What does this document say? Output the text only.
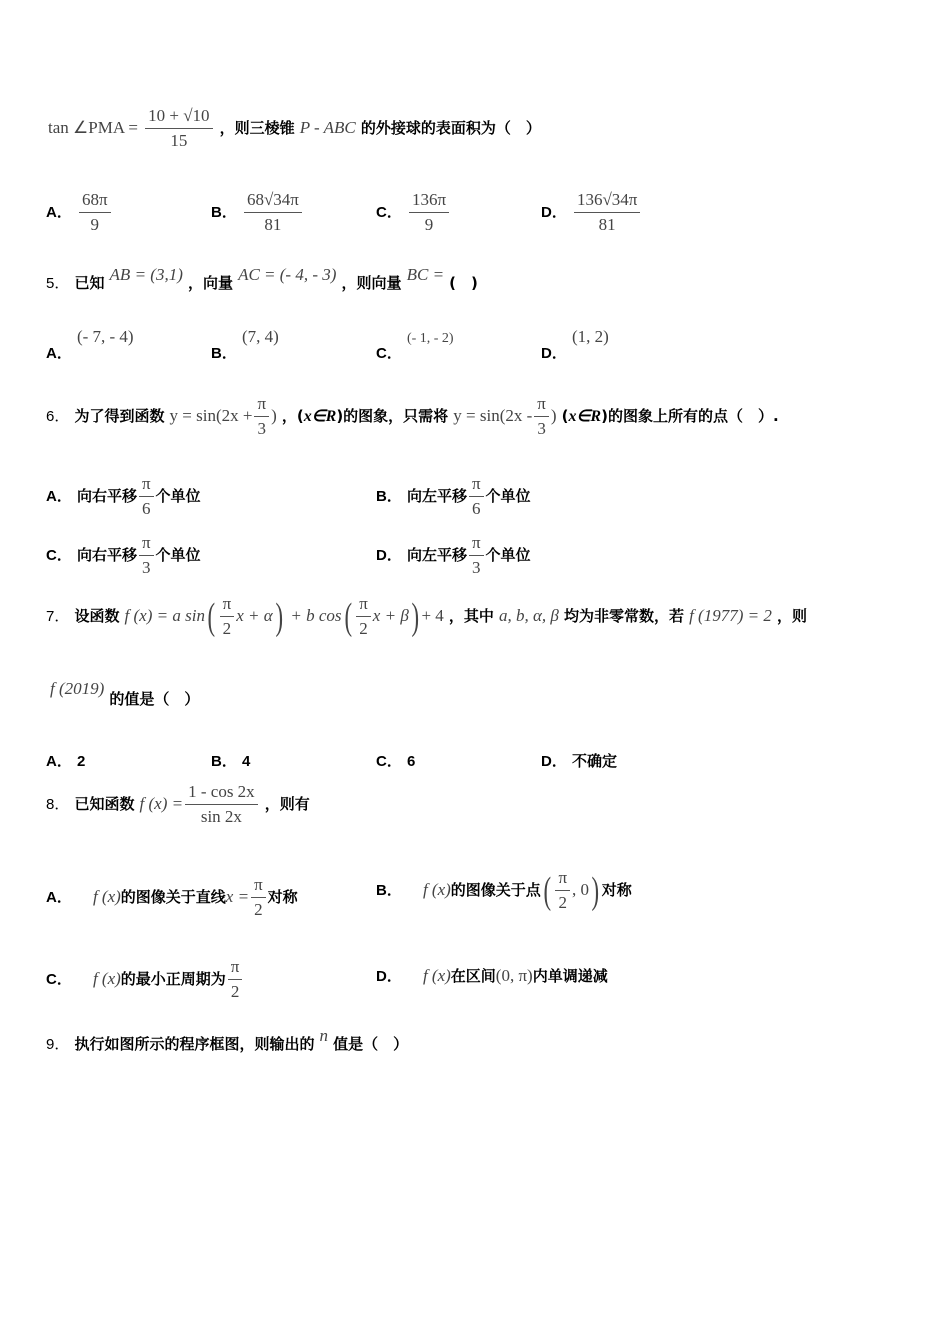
tan ∠PMA = $\frac{10 + √10}{15}$ ，则三棱锥 P - ABC 的外接球的表面积为（　）
A． $\frac{68\pi}{9}$	B． $\frac{68√34\pi}{81}$	C． $\frac{136\pi}{9}$	D． $\frac{136√34\pi}{81}$
5． 已知 AB = (3,1) ，向量 AC = (- 4, - 3) ，则向量 BC = (　)
A． (- 7, - 4)
B． (7, 4)
C． (- 1, - 2)
D． (1, 2)
6． 为了得到函数 $y = \sin(2x + \frac{\pi}{3}$ ) ，(x∈R)的图象，只需将 $y = \sin(2x - \frac{\pi}{3}$ ) (x∈R)的图象上所有的点（　）.
A． 向右平移 $\frac{\pi}{6}$ 个单位	B． 向左平移 $\frac{\pi}{6}$ 个单位
C． 向右平移 $\frac{\pi}{3}$ 个单位	D． 向左平移 $\frac{\pi}{3}$ 个单位
7． 设函数 f (x) = a $\sin( \frac{\pi}{2}$ x + α) + b $\cos( \frac{\pi}{2}$ x + β) + 4 ，其中 a, b, α, β 均为非零常数，若 f (1977) = 2 ，则
f (2019) 的值是（　）
A． 2	B． 4	C． 6	D． 不确定
8． 已知函数 f $(x) = \frac{1 - \cos 2x}{\sin 2x}$ ，则有
A． f (x)的图像关于直线$x = \frac{\pi}{2}$ 对称	B． f (x)的图像关于点( $\frac{\pi}{2}$ , 0) 对称
C． f (x)的最小正周期为 $\frac{\pi}{2}$	D． f (x)在区间(0, π)内单调递减
9． 执行如图所示的程序框图，则输出的 n 值是（　）
